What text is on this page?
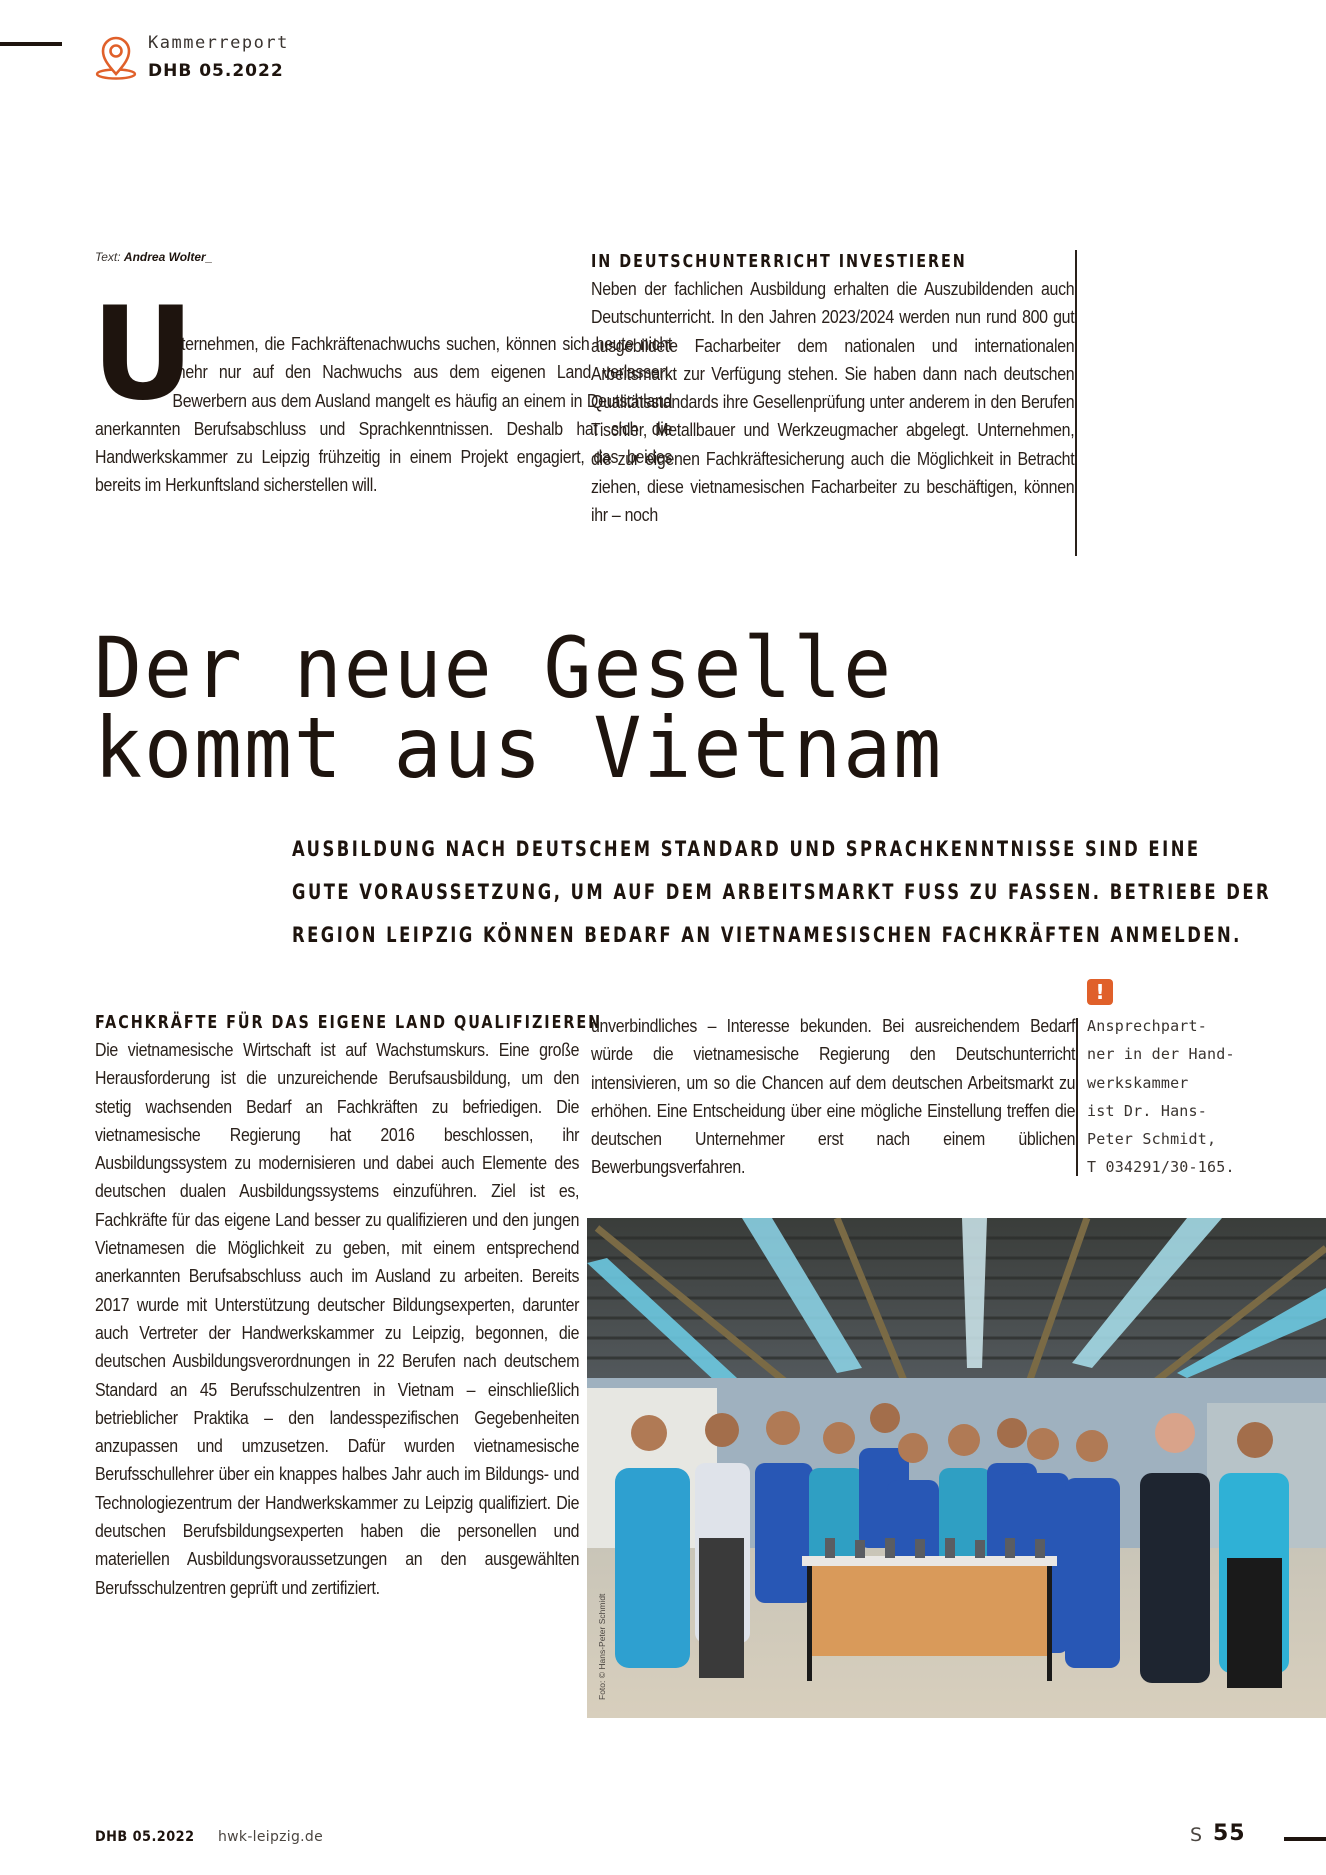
Kammerreport
DHB 05.2022
Text: Andrea Wolter_
U

nternehmen, die Fachkräftenachwuchs suchen, können sich heute nicht mehr nur auf den Nachwuchs aus dem eigenen Land verlassen. Bewerbern aus dem Ausland mangelt es häufig an einem in Deutschland anerkannten Berufsabschluss und Sprachkenntnissen. Deshalb hat sich die Handwerkskammer zu Leipzig frühzeitig in einem Projekt engagiert, das beides bereits im Herkunftsland sicherstellen will.

IN DEUTSCHUNTERRICHT INVESTIEREN

Neben der fachlichen Ausbildung erhalten die Auszubildenden auch Deutschunterricht. In den Jahren 2023/2024 werden nun rund 800 gut ausgebildete Facharbeiter dem nationalen und internationalen Arbeitsmarkt zur Verfügung stehen. Sie haben dann nach deutschen Qualitätsstandards ihre Gesellenprüfung unter anderem in den Berufen Tischler, Metallbauer und Werkzeugmacher abgelegt. Unternehmen, die zur eigenen Fachkräftesicherung auch die Möglichkeit in Betracht ziehen, diese vietnamesischen Facharbeiter zu beschäftigen, können ihr – noch

Der neue Geselle
kommt aus Vietnam
AUSBILDUNG NACH DEUTSCHEM STANDARD UND SPRACHKENNTNISSE SIND EINE
GUTE VORAUSSETZUNG, UM AUF DEM ARBEITSMARKT FUSS ZU FASSEN. BETRIEBE DER
REGION LEIPZIG KÖNNEN BEDARF AN VIETNAMESISCHEN FACHKRÄFTEN ANMELDEN.
FACHKRÄFTE FÜR DAS EIGENE LAND QUALIFIZIEREN

Die vietnamesische Wirtschaft ist auf Wachstumskurs. Eine große Herausforderung ist die unzureichende Berufsausbildung, um den stetig wachsenden Bedarf an Fachkräften zu befriedigen. Die vietnamesische Regierung hat 2016 beschlossen, ihr Ausbildungssystem zu modernisieren und dabei auch Elemente des deutschen dualen Ausbildungssystems einzuführen. Ziel ist es, Fachkräfte für das eigene Land besser zu qualifizieren und den jungen Vietnamesen die Möglichkeit zu geben, mit einem entsprechend anerkannten Berufsabschluss auch im Ausland zu arbeiten. Bereits 2017 wurde mit Unterstützung deutscher Bildungsexperten, darunter auch Vertreter der Handwerkskammer zu Leipzig, begonnen, die deutschen Ausbildungsverordnungen in 22 Berufen nach deutschem Standard an 45 Berufsschulzentren in Vietnam – einschließlich betrieblicher Praktika – den landesspezifischen Gegebenheiten anzupassen und umzusetzen. Dafür wurden vietnamesische Berufsschullehrer über ein knappes halbes Jahr auch im Bildungs- und Technologiezentrum der Handwerkskammer zu Leipzig qualifiziert. Die deutschen Berufsbildungsexperten haben die personellen und materiellen Ausbildungsvoraussetzungen an den ausgewählten Berufsschulzentren geprüft und zertifiziert.

unverbindliches – Interesse bekunden. Bei ausreichendem Bedarf würde die vietnamesische Regierung den Deutschunterricht intensivieren, um so die Chancen auf dem deutschen Arbeitsmarkt zu erhöhen. Eine Entscheidung über eine mögliche Einstellung treffen die deutschen Unternehmer erst nach einem üblichen Bewerbungsverfahren.

!
Ansprechpart-
ner in der Hand-
werkskammer
ist Dr. Hans-
Peter Schmidt,
T 034291/30-165.
Foto: © Hans-Peter Schmidt
DHB 05.2022 hwk-leipzig.de	S 55
